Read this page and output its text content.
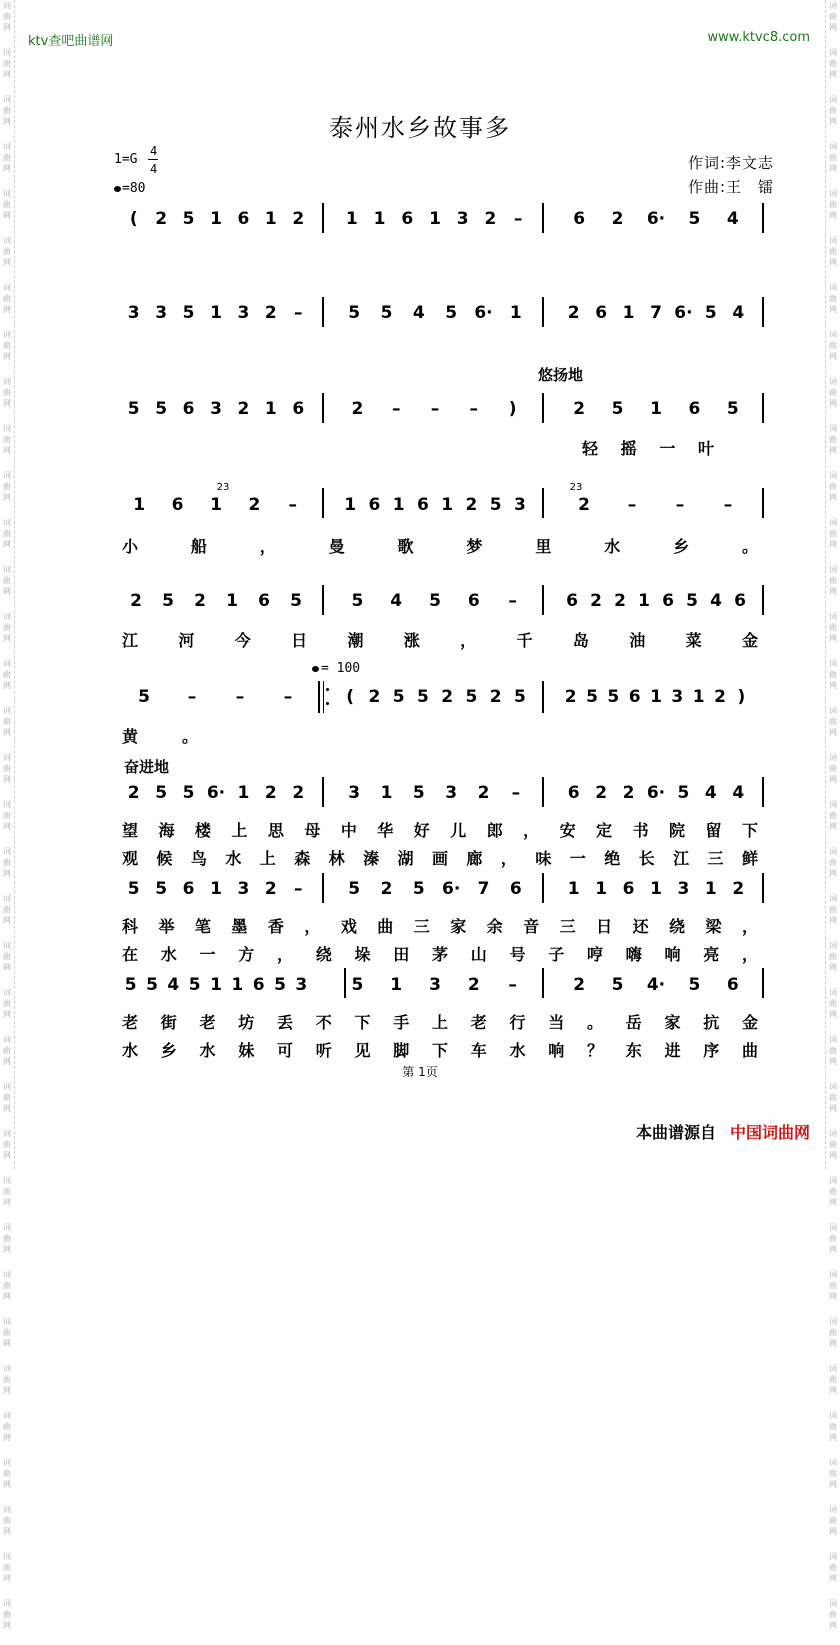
词
曲
网
词
曲
网
词
曲
网
词
曲
网
词
曲
网
词
曲
网
词
曲
网
词
曲
网
词
曲
网
词
曲
网
词
曲
网
词
曲
网
词
曲
网
词
曲
网
词
曲
网
词
曲
网
词
曲
网
词
曲
网
词
曲
网
词
曲
网
词
曲
网
词
曲
网
词
曲
网
词
曲
网
词
曲
网
词
曲
网
词
曲
网
词
曲
网
词
曲
网
词
曲
网
词
曲
网
词
曲
网
词
曲
网
词
曲
网
词
曲
网
词
曲
网
词
曲
网
词
曲
网
词
曲
网
词
曲
网
词
曲
网
词
曲
网
词
曲
网
词
曲
网
词
曲
网
词
曲
网
词
曲
网
词
曲
网
词
曲
网
词
曲
网
词
曲
网
词
曲
网
词
曲
网
词
曲
网
词
曲
网
词
曲
网
词
曲
网
词
曲
网
词
曲
网
词
曲
网
词
曲
网
词
曲
网
词
曲
网
词
曲
网
词
曲
网
词
曲
网
词
曲
网
词
曲
网
词
曲
网
词
曲
网
ktv查吧曲谱网	www.ktvc8.com
泰州水乡故事多
1=G
4
4
=80
作词:李文志
作曲:王　镭
悠扬地
奋进地
= 100
( 2 5 1 6 1 2 1 1 6 1 3 2 –	6 2 6· 5 4
3 3 5 1 3 2 –	5 5 4 5 6· 1	2 6 1 7 6· 5 4
5 5 6 3 2 1 6	2 – – – )	2 5 1 6 5
1 6 1 2 –	1 6 1 6 1 2 5 3	2 – – –
2 5 2 1 6 5	5 4 5 6 –	6 2 2 1 6 5 4 6
5 – – –	( 2 5 5 2 5 2 5 2 5 5 6 1 3 1 2 )
2 5 5 6· 1 2 2	3 1 5 3 2 –	6 2 2 6· 5 4 4
5 5 6 1 3 2 –	5 2 5 6· 7 6	1 1 6 1 3 1 2
5 5 4 5 1 1 6 5 3	5 1 3 2 –	2 5 4· 5 6
轻 摇 一 叶
小	船	，	曼	歌	梦	里	水	乡	。
江	河	今	日	潮	涨	，	千	岛	油	菜	金
黄	。
望 海 楼 上 思 母 中 华 好 儿 郎 ， 安 定 书 院 留 下
观 候 鸟 水 上 森 林 溱 湖 画 廊 ， 味 一 绝 长 江 三 鲜
科 举 笔 墨 香 ， 戏 曲 三 家 余 音 三 日 还 绕 梁 ，
在 水 一 方 ， 绕 垛 田 茅 山 号 子 哼 嗨 响 亮 ，
老 街 老 坊 丢 不 下 手 上 老 行 当 。 岳 家 抗 金
水 乡 水 妹 可 听 见 脚 下 车 水 响 ？ 东 进 序 曲
23	23
第 1页
本曲谱源自 中国词曲网
